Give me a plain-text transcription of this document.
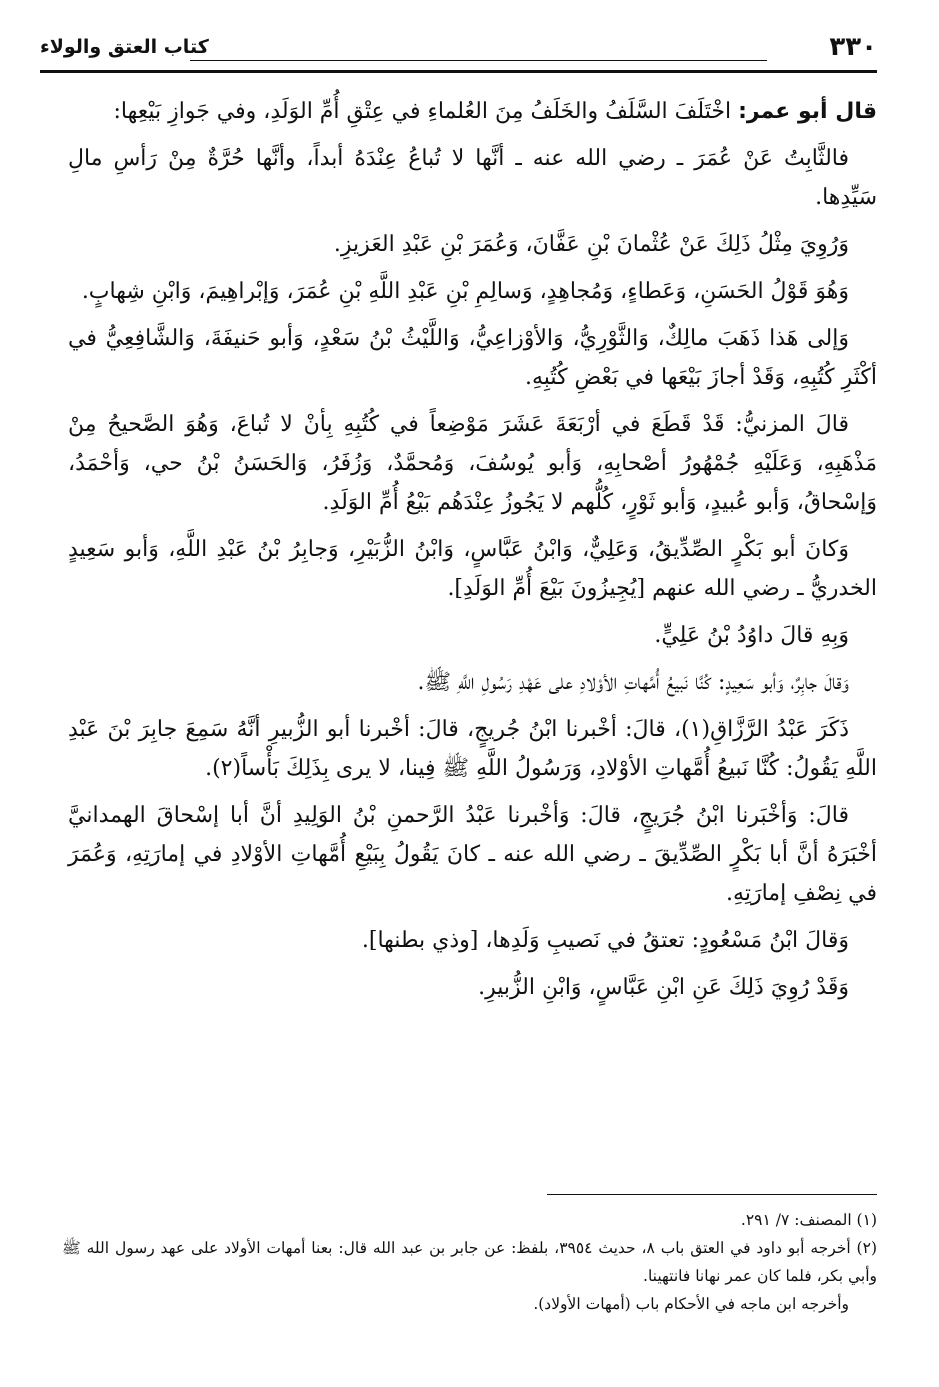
٣٣٠
كتاب العتق والولاء

قال أبو عمر: اخْتَلَفَ السَّلَفُ والخَلَفُ مِنَ العُلماءِ في عِتْقِ أُمِّ الوَلَدِ، وفي جَوازِ بَيْعِها:

فالثَّابِتُ عَنْ عُمَرَ ـ رضي الله عنه ـ أنَّها لا تُباعُ عِنْدَهُ أبداً، وأنَّها حُرَّةٌ مِنْ رَأسِ مالِ سَيِّدِها.

وَرُوِيَ مِثْلُ ذَلِكَ عَنْ عُثْمانَ بْنِ عَفَّانَ، وَعُمَرَ بْنِ عَبْدِ العَزيزِ.

وَهُوَ قَوْلُ الحَسَنِ، وَعَطاءٍ، وَمُجاهِدٍ، وَسالِمِ بْنِ عَبْدِ اللَّهِ بْنِ عُمَرَ، وَإبْراهِيمَ، وَابْنِ شِهابٍ.

وَإلى هَذا ذَهَبَ مالِكٌ، وَالثَّوْرِيُّ، وَالأوْزاعِيُّ، وَاللَّيْثُ بْنُ سَعْدٍ، وَأبو حَنيفَةَ، وَالشَّافِعِيُّ في أكْثَرِ كُتُبِهِ، وَقَدْ أجازَ بَيْعَها في بَعْضِ كُتُبِهِ.

قالَ المزنيُّ: قَدْ قَطَعَ في أرْبَعَةَ عَشَرَ مَوْضِعاً في كُتُبِهِ بِأنْ لا تُباعَ، وَهُوَ الصَّحيحُ مِنْ مَذْهَبِهِ، وَعَلَيْهِ جُمْهُورُ أصْحابِهِ، وَأبو يُوسُفَ، وَمُحمَّدٌ، وَزُفَرُ، وَالحَسَنُ بْنُ حي، وَأحْمَدُ، وَإسْحاقُ، وَأبو عُبيدٍ، وَأبو ثَوْرٍ، كُلُّهم لا يَجُوزُ عِنْدَهُم بَيْعُ أُمِّ الوَلَدِ.

وَكانَ أبو بَكْرٍ الصِّدِّيقُ، وَعَلِيٌّ، وَابْنُ عَبَّاسٍ، وَابْنُ الزُّبَيْرِ، وَجابِرُ بْنُ عَبْدِ اللَّهِ، وَأبو سَعِيدٍ الخدريُّ ـ رضي الله عنهم [يُجِيزُونَ بَيْعَ أُمِّ الوَلَدِ].

وَبِهِ قالَ داوُدُ بْنُ عَلِيٍّ.

وَقالَ جابِرٌ، وَأبو سَعِيدٍ: كُنَّا نَبيعُ أُمَّهاتِ الأوْلادِ على عَهْدِ رَسُولِ اللَّهِ ﷺ.

ذَكَرَ عَبْدُ الرَّزَّاقِ(١)، قالَ: أخْبرنا ابْنُ جُريجٍ، قالَ: أخْبرنا أبو الزُّبيرِ أنَّهُ سَمِعَ جابِرَ بْنَ عَبْدِ اللَّهِ يَقُولُ: كُنَّا نَبيعُ أُمَّهاتِ الأوْلادِ، وَرَسُولُ اللَّهِ ﷺ فِينا، لا يرى بِذَلِكَ بَأْساً(٢).

قالَ: وَأخْبَرنا ابْنُ جُرَيجٍ، قالَ: وَأخْبرنا عَبْدُ الرَّحمنِ بْنُ الوَلِيدِ أنَّ أبا إسْحاقَ الهمدانيَّ أخْبَرَهُ أنَّ أبا بَكْرٍ الصِّدِّيقَ ـ رضي الله عنه ـ كانَ يَقُولُ بِبَيْعِ أُمَّهاتِ الأوْلادِ في إمارَتِهِ، وَعُمَرَ في نِصْفِ إمارَتِهِ.

وَقالَ ابْنُ مَسْعُودٍ: تعتقُ في نَصيبِ وَلَدِها، [وذي بطنها].

وَقَدْ رُوِيَ ذَلِكَ عَنِ ابْنِ عَبَّاسٍ، وَابْنِ الزُّبيرِ.

(١) المصنف: ٧/ ٢٩١.

(٢) أخرجه أبو داود في العتق باب ٨، حديث ٣٩٥٤، بلفظ: عن جابر بن عبد الله قال: بعنا أمهات الأولاد على عهد رسول الله ﷺ وأبي بكر، فلما كان عمر نهانا فانتهينا.

وأخرجه ابن ماجه في الأحكام باب (أمهات الأولاد).
